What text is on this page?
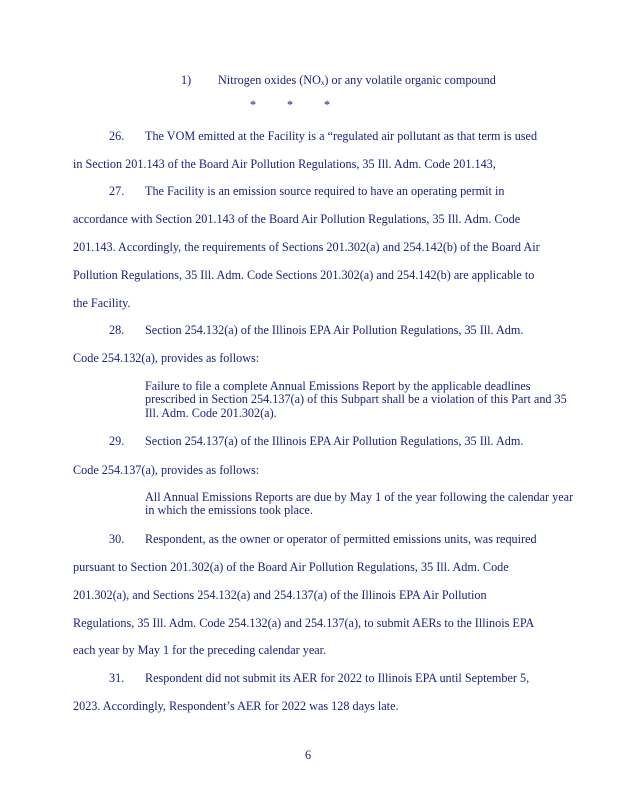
1) Nitrogen oxides (NOₓ) or any volatile organic compound
*	*	*
26. The VOM emitted at the Facility is a “regulated air pollutant as that term is used
in Section 201.143 of the Board Air Pollution Regulations, 35 Ill. Adm. Code 201.143,
27. The Facility is an emission source required to have an operating permit in
accordance with Section 201.143 of the Board Air Pollution Regulations, 35 Ill. Adm. Code
201.143. Accordingly, the requirements of Sections 201.302(a) and 254.142(b) of the Board Air
Pollution Regulations, 35 Ill. Adm. Code Sections 201.302(a) and 254.142(b) are applicable to
the Facility.
28. Section 254.132(a) of the Illinois EPA Air Pollution Regulations, 35 Ill. Adm.
Code 254.132(a), provides as follows:
Failure to file a complete Annual Emissions Report by the applicable deadlines prescribed in Section 254.137(a) of this Subpart shall be a violation of this Part and 35 Ill. Adm. Code 201.302(a).
29. Section 254.137(a) of the Illinois EPA Air Pollution Regulations, 35 Ill. Adm.
Code 254.137(a), provides as follows:
All Annual Emissions Reports are due by May 1 of the year following the calendar year in which the emissions took place.
30. Respondent, as the owner or operator of permitted emissions units, was required
pursuant to Section 201.302(a) of the Board Air Pollution Regulations, 35 Ill. Adm. Code
201.302(a), and Sections 254.132(a) and 254.137(a) of the Illinois EPA Air Pollution
Regulations, 35 Ill. Adm. Code 254.132(a) and 254.137(a), to submit AERs to the Illinois EPA
each year by May 1 for the preceding calendar year.
31. Respondent did not submit its AER for 2022 to Illinois EPA until September 5,
2023. Accordingly, Respondent’s AER for 2022 was 128 days late.
6
